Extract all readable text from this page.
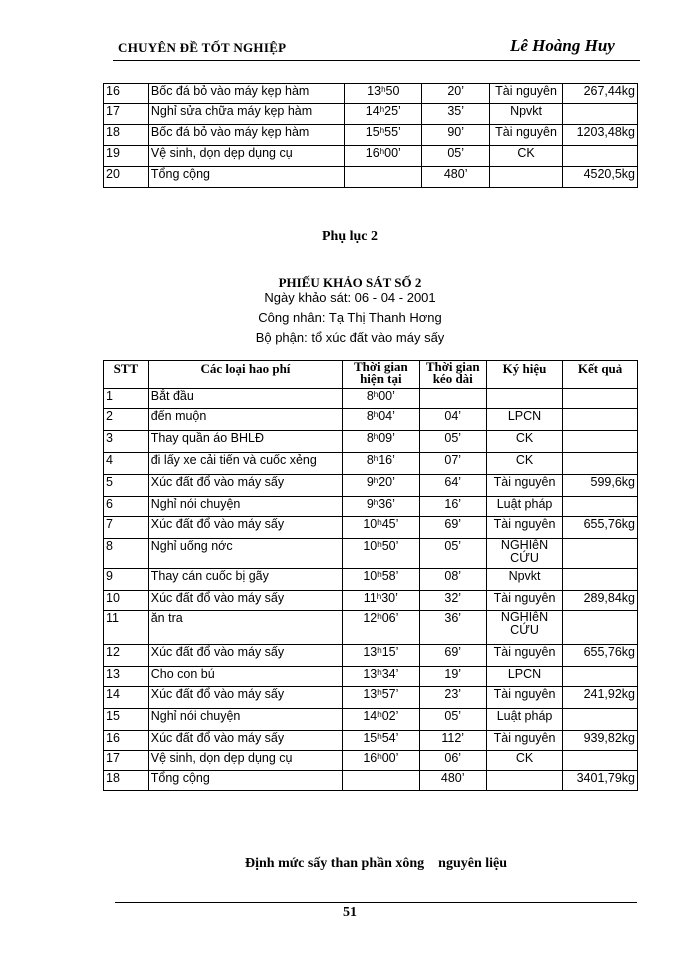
CHUYÊN ĐỀ TỐT NGHIỆP	Lê Hoàng Huy
16	Bốc đá bỏ vào máy kẹp hàm	13$^h$50	20’	Tài nguyên	267,44kg
17	Nghỉ sửa chữa máy kẹp hàm	14$^h$25’	35’	Npvkt	
18	Bốc đá bỏ vào máy kẹp hàm	15$^h$55’	90’	Tài nguyên	1203,48kg
19	Vệ sinh, dọn dẹp dụng cụ	16$^h$00’	05’	CK	
20	Tổng cộng		480’		4520,5kg
Phụ lục 2
PHIẾU KHẢO SÁT SỐ 2
Ngày khảo sát: 06 - 04 - 2001
Công nhân: Tạ Thị Thanh Hơng
Bộ phận: tổ xúc đất vào máy sấy
STT	Các loại hao phí	Thời gian hiện tại	Thời gian kéo dài	Ký hiệu	Kết quả
1	Bắt đầu	8$^h$00’			
2	đến muộn	8$^h$04’	04’	LPCN	
3	Thay quần áo BHLĐ	8$^h$09’	05’	CK	
4	đi lấy xe cải tiến và cuốc xẻng	8$^h$16’	07’	CK	
5	Xúc đất đổ vào máy sấy	9$^h$20’	64’	Tài nguyên	599,6kg
6	Nghỉ nói chuyện	9$^h$36’	16’	Luật pháp	
7	Xúc đất đổ vào máy sấy	10$^h$45’	69’	Tài nguyên	655,76kg
8	Nghỉ uống nớc	10$^h$50’	05’	NGHIêN CỨU	
9	Thay cán cuốc bị gãy	10$^h$58’	08’	Npvkt	
10	Xúc đất đổ vào máy sấy	11$^h$30’	32’	Tài nguyên	289,84kg
11	ăn tra	12$^h$06’	36’	NGHIêN CỨU	
12	Xúc đất đổ vào máy sấy	13$^h$15’	69’	Tài nguyên	655,76kg
13	Cho con bú	13$^h$34’	19’	LPCN	
14	Xúc đất đổ vào máy sấy	13$^h$57’	23’	Tài nguyên	241,92kg
15	Nghỉ nói chuyện	14$^h$02’	05’	Luật pháp	
16	Xúc đất đổ vào máy sấy	15$^h$54’	112’	Tài nguyên	939,82kg
17	Vệ sinh, dọn dẹp dụng cụ	16$^h$00’	06’	CK	
18	Tổng cộng		480’		3401,79kg
Định mức sấy than phần xông    nguyên liệu
51
